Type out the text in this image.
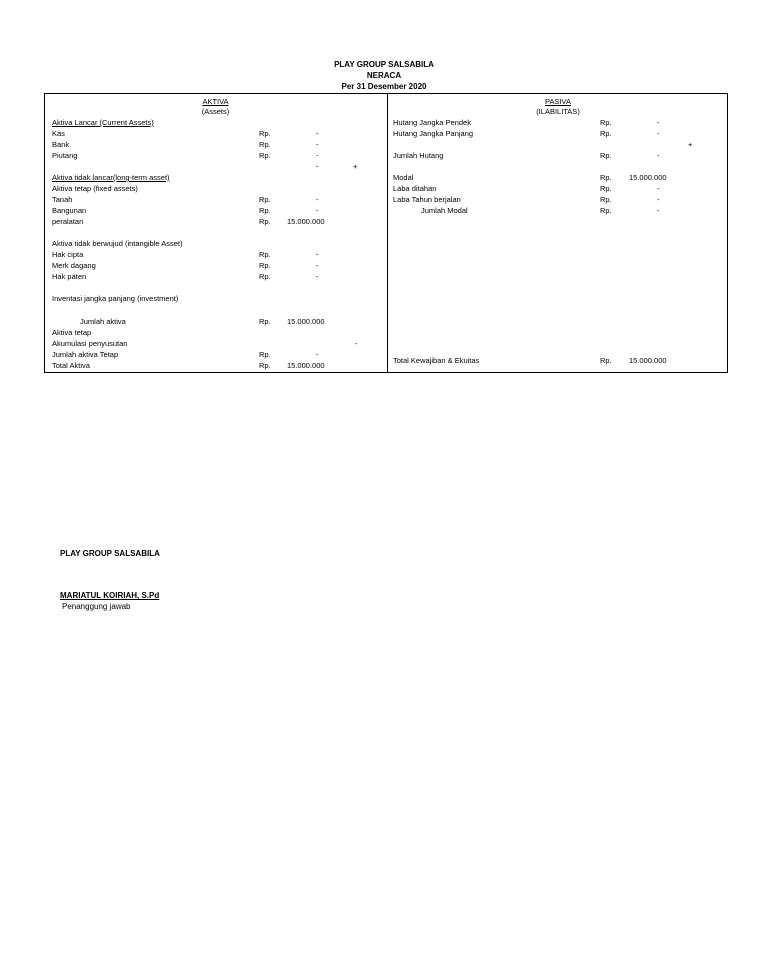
PLAY GROUP SALSABILA
NERACA
Per 31 Desember 2020
AKTIVA
(Assets)
Aktiva Lancar (Current Assets)
Kas	Rp.	-
Bank	Rp.	-
Piutang	Rp.	-
-	+
Aktiva tidak lancar(long-term asset)
Aktiva tetap (fixed assets)
Tanah	Rp.	-
Bangunan	Rp.	-
peralatan	Rp. 15.000.000
Aktiva tidak berwujud (intangible Asset)
Hak cipta	Rp.	-
Merk dagang	Rp.	-
Hak paten	Rp.	-
Inventasi jangka panjang (investment)
Jumlah aktiva	Rp. 15.000.000
Aktiva tetap
Akumulasi penyusutan	-
Jumlah aktiva Tetap	Rp.	-
Total Aktiva	Rp. 15.000.000
PASIVA
(ILABILITAS)
Hutang Jangka Pendek	Rp.	-
Hutang Jangka Panjang	Rp.	-
+
Jumlah Hutang	Rp.	-
Modal	Rp. 15.000.000
Laba ditahan	Rp.	-
Laba Tahun berjalan	Rp.	-
Jumlah Modal	Rp.	-
Total Kewajiban & Ekuitas	Rp. 15.000.000
PLAY GROUP SALSABILA
MARIATUL KOIRIAH, S.Pd
Penanggung jawab
